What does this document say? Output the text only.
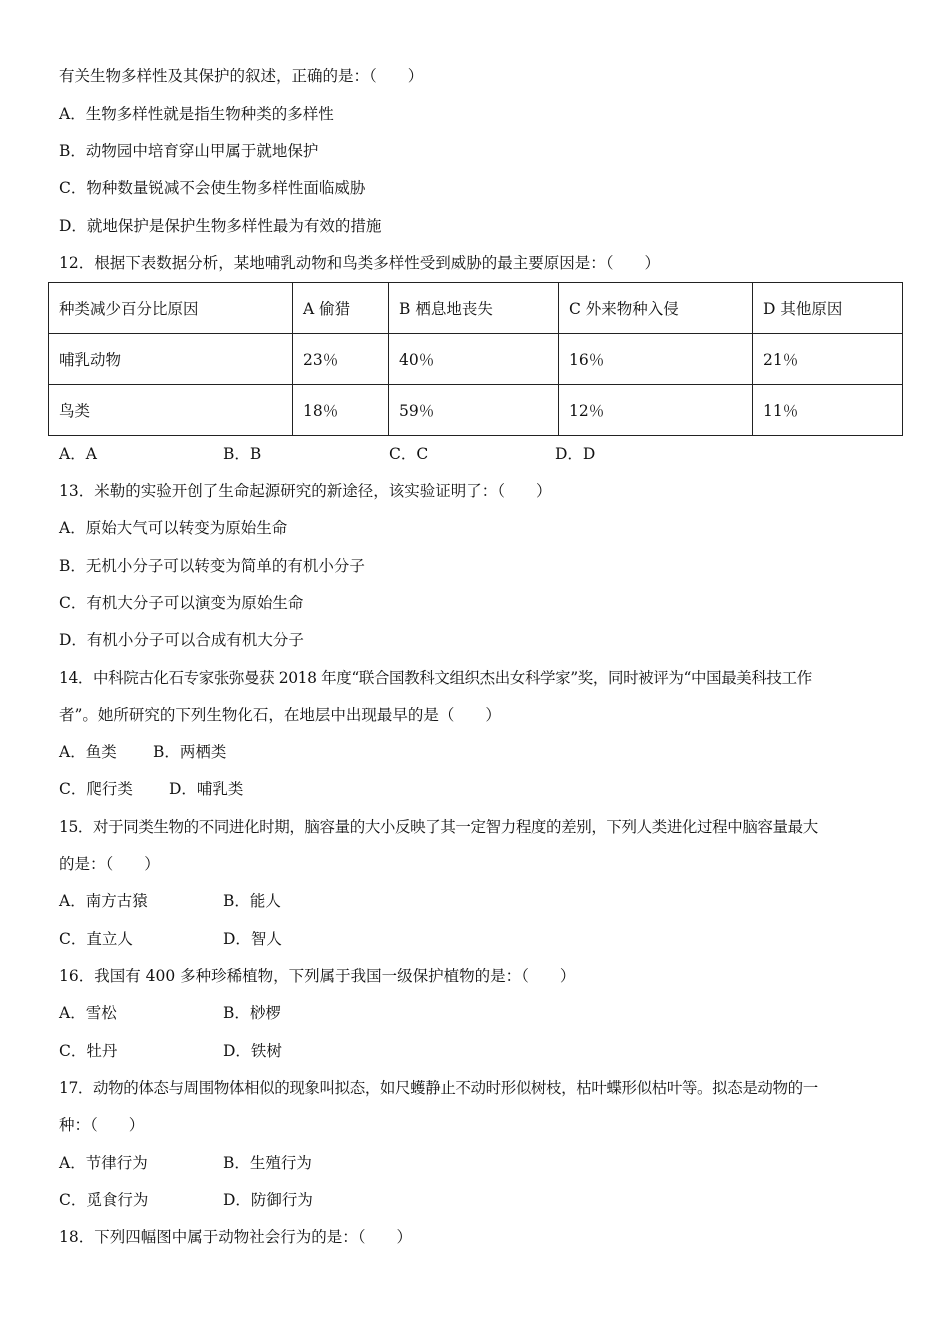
有关生物多样性及其保护的叙述，正确的是：（　　）
A．生物多样性就是指生物种类的多样性
B．动物园中培育穿山甲属于就地保护
C．物种数量锐减不会使生物多样性面临威胁
D．就地保护是保护生物多样性最为有效的措施
12．根据下表数据分析，某地哺乳动物和鸟类多样性受到威胁的最主要原因是：（　　）
种类减少百分比原因	A 偷猎	B 栖息地丧失	C 外来物种入侵	D 其他原因
哺乳动物	23％	40％	16％	21％
鸟类	18％	59％	12％	11％
A．A	B．B	C．C	D．D
13．米勒的实验开创了生命起源研究的新途径，该实验证明了：（　　）
A．原始大气可以转变为原始生命
B．无机小分子可以转变为简单的有机小分子
C．有机大分子可以演变为原始生命
D．有机小分子可以合成有机大分子
14．中科院古化石专家张弥曼获 2018 年度“联合国教科文组织杰出女科学家”奖，同时被评为“中国最美科技工作
者”。她所研究的下列生物化石，在地层中出现最早的是（　　）
A．鱼类 B．两栖类
C．爬行类 D．哺乳类
15．对于同类生物的不同进化时期，脑容量的大小反映了其一定智力程度的差别，下列人类进化过程中脑容量最大
的是：（　　）
A．南方古猿	B．能人
C．直立人	D．智人
16．我国有 400 多种珍稀植物，下列属于我国一级保护植物的是：（　　）
A．雪松	B．桫椤
C．牡丹	D．铁树
17．动物的体态与周围物体相似的现象叫拟态，如尺蠖静止不动时形似树枝，枯叶蝶形似枯叶等。拟态是动物的一
种：（　　）
A．节律行为	B．生殖行为
C．觅食行为	D．防御行为
18．下列四幅图中属于动物社会行为的是：（　　）
